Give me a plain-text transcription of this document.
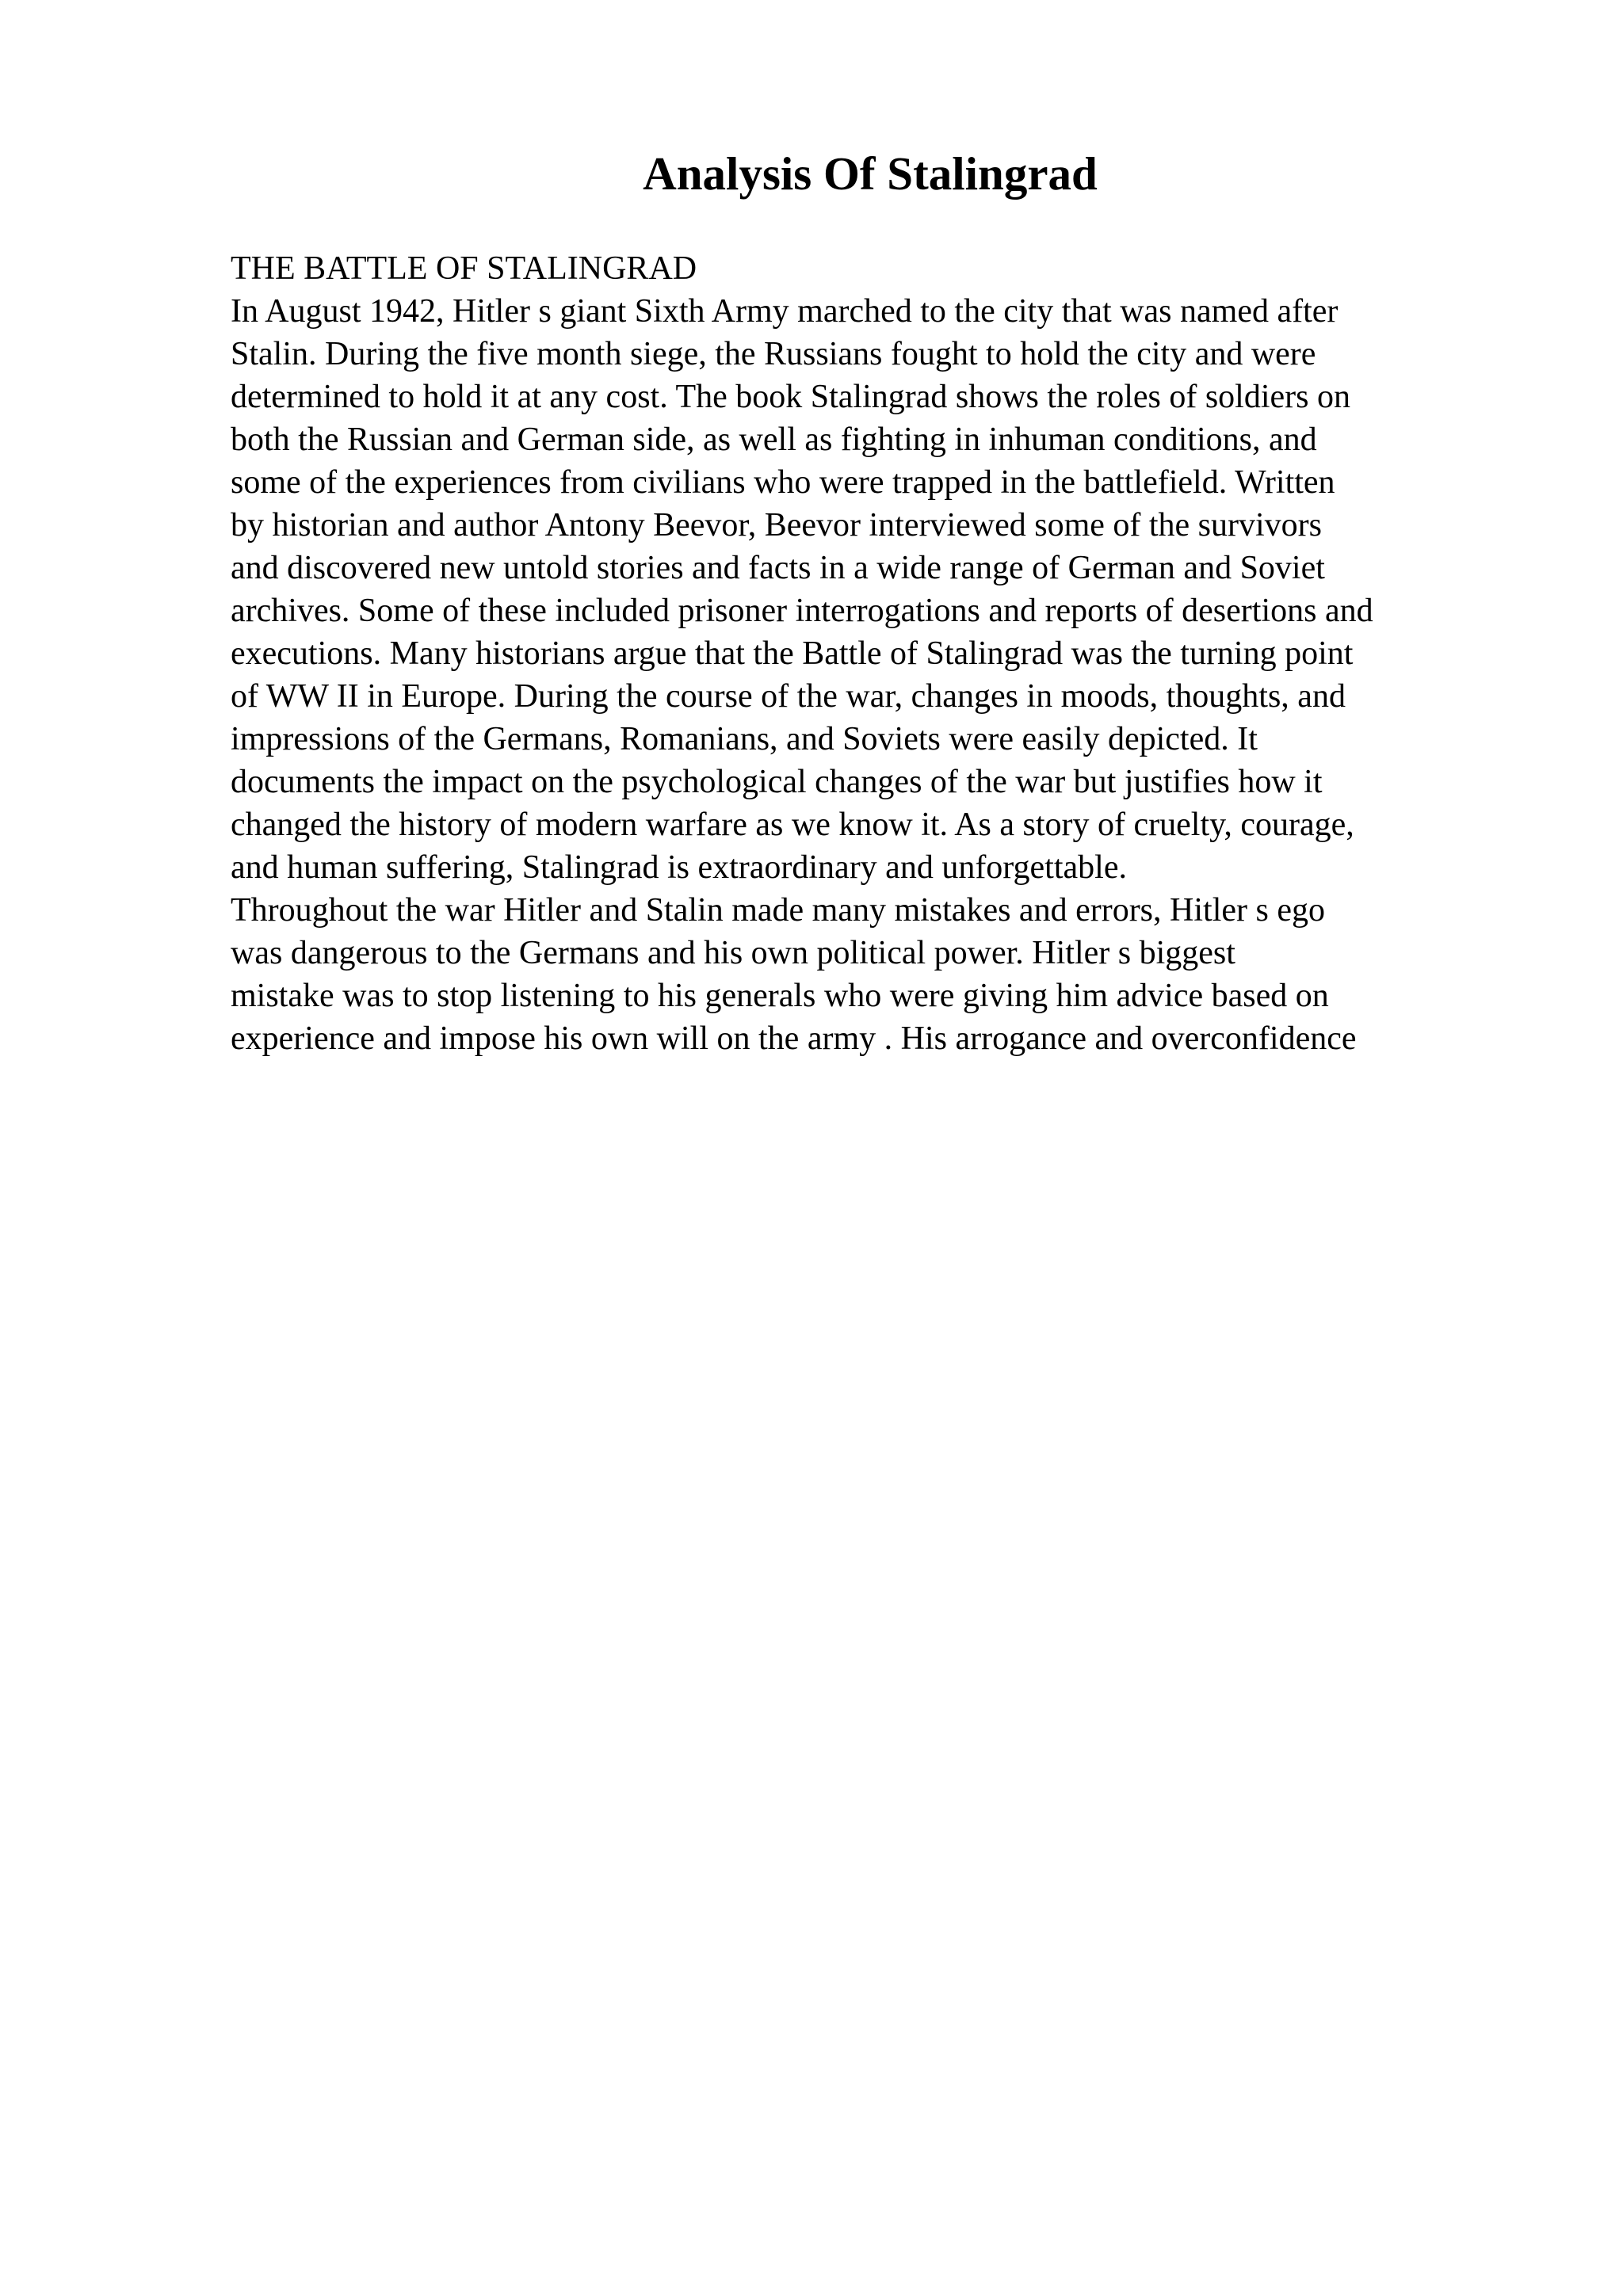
Analysis Of Stalingrad
THE BATTLE OF STALINGRAD
In August 1942, Hitler s giant Sixth Army marched to the city that was named after
Stalin. During the five month siege, the Russians fought to hold the city and were
determined to hold it at any cost. The book Stalingrad shows the roles of soldiers on
both the Russian and German side, as well as fighting in inhuman conditions, and
some of the experiences from civilians who were trapped in the battlefield. Written
by historian and author Antony Beevor, Beevor interviewed some of the survivors
and discovered new untold stories and facts in a wide range of German and Soviet
archives. Some of these included prisoner interrogations and reports of desertions and
executions. Many historians argue that the Battle of Stalingrad was the turning point
of WW II in Europe. During the course of the war, changes in moods, thoughts, and
impressions of the Germans, Romanians, and Soviets were easily depicted. It
documents the impact on the psychological changes of the war but justifies how it
changed the history of modern warfare as we know it. As a story of cruelty, courage,
and human suffering, Stalingrad is extraordinary and unforgettable.
Throughout the war Hitler and Stalin made many mistakes and errors, Hitler s ego
was dangerous to the Germans and his own political power. Hitler s biggest
mistake was to stop listening to his generals who were giving him advice based on
experience and impose his own will on the army . His arrogance and overconfidence
